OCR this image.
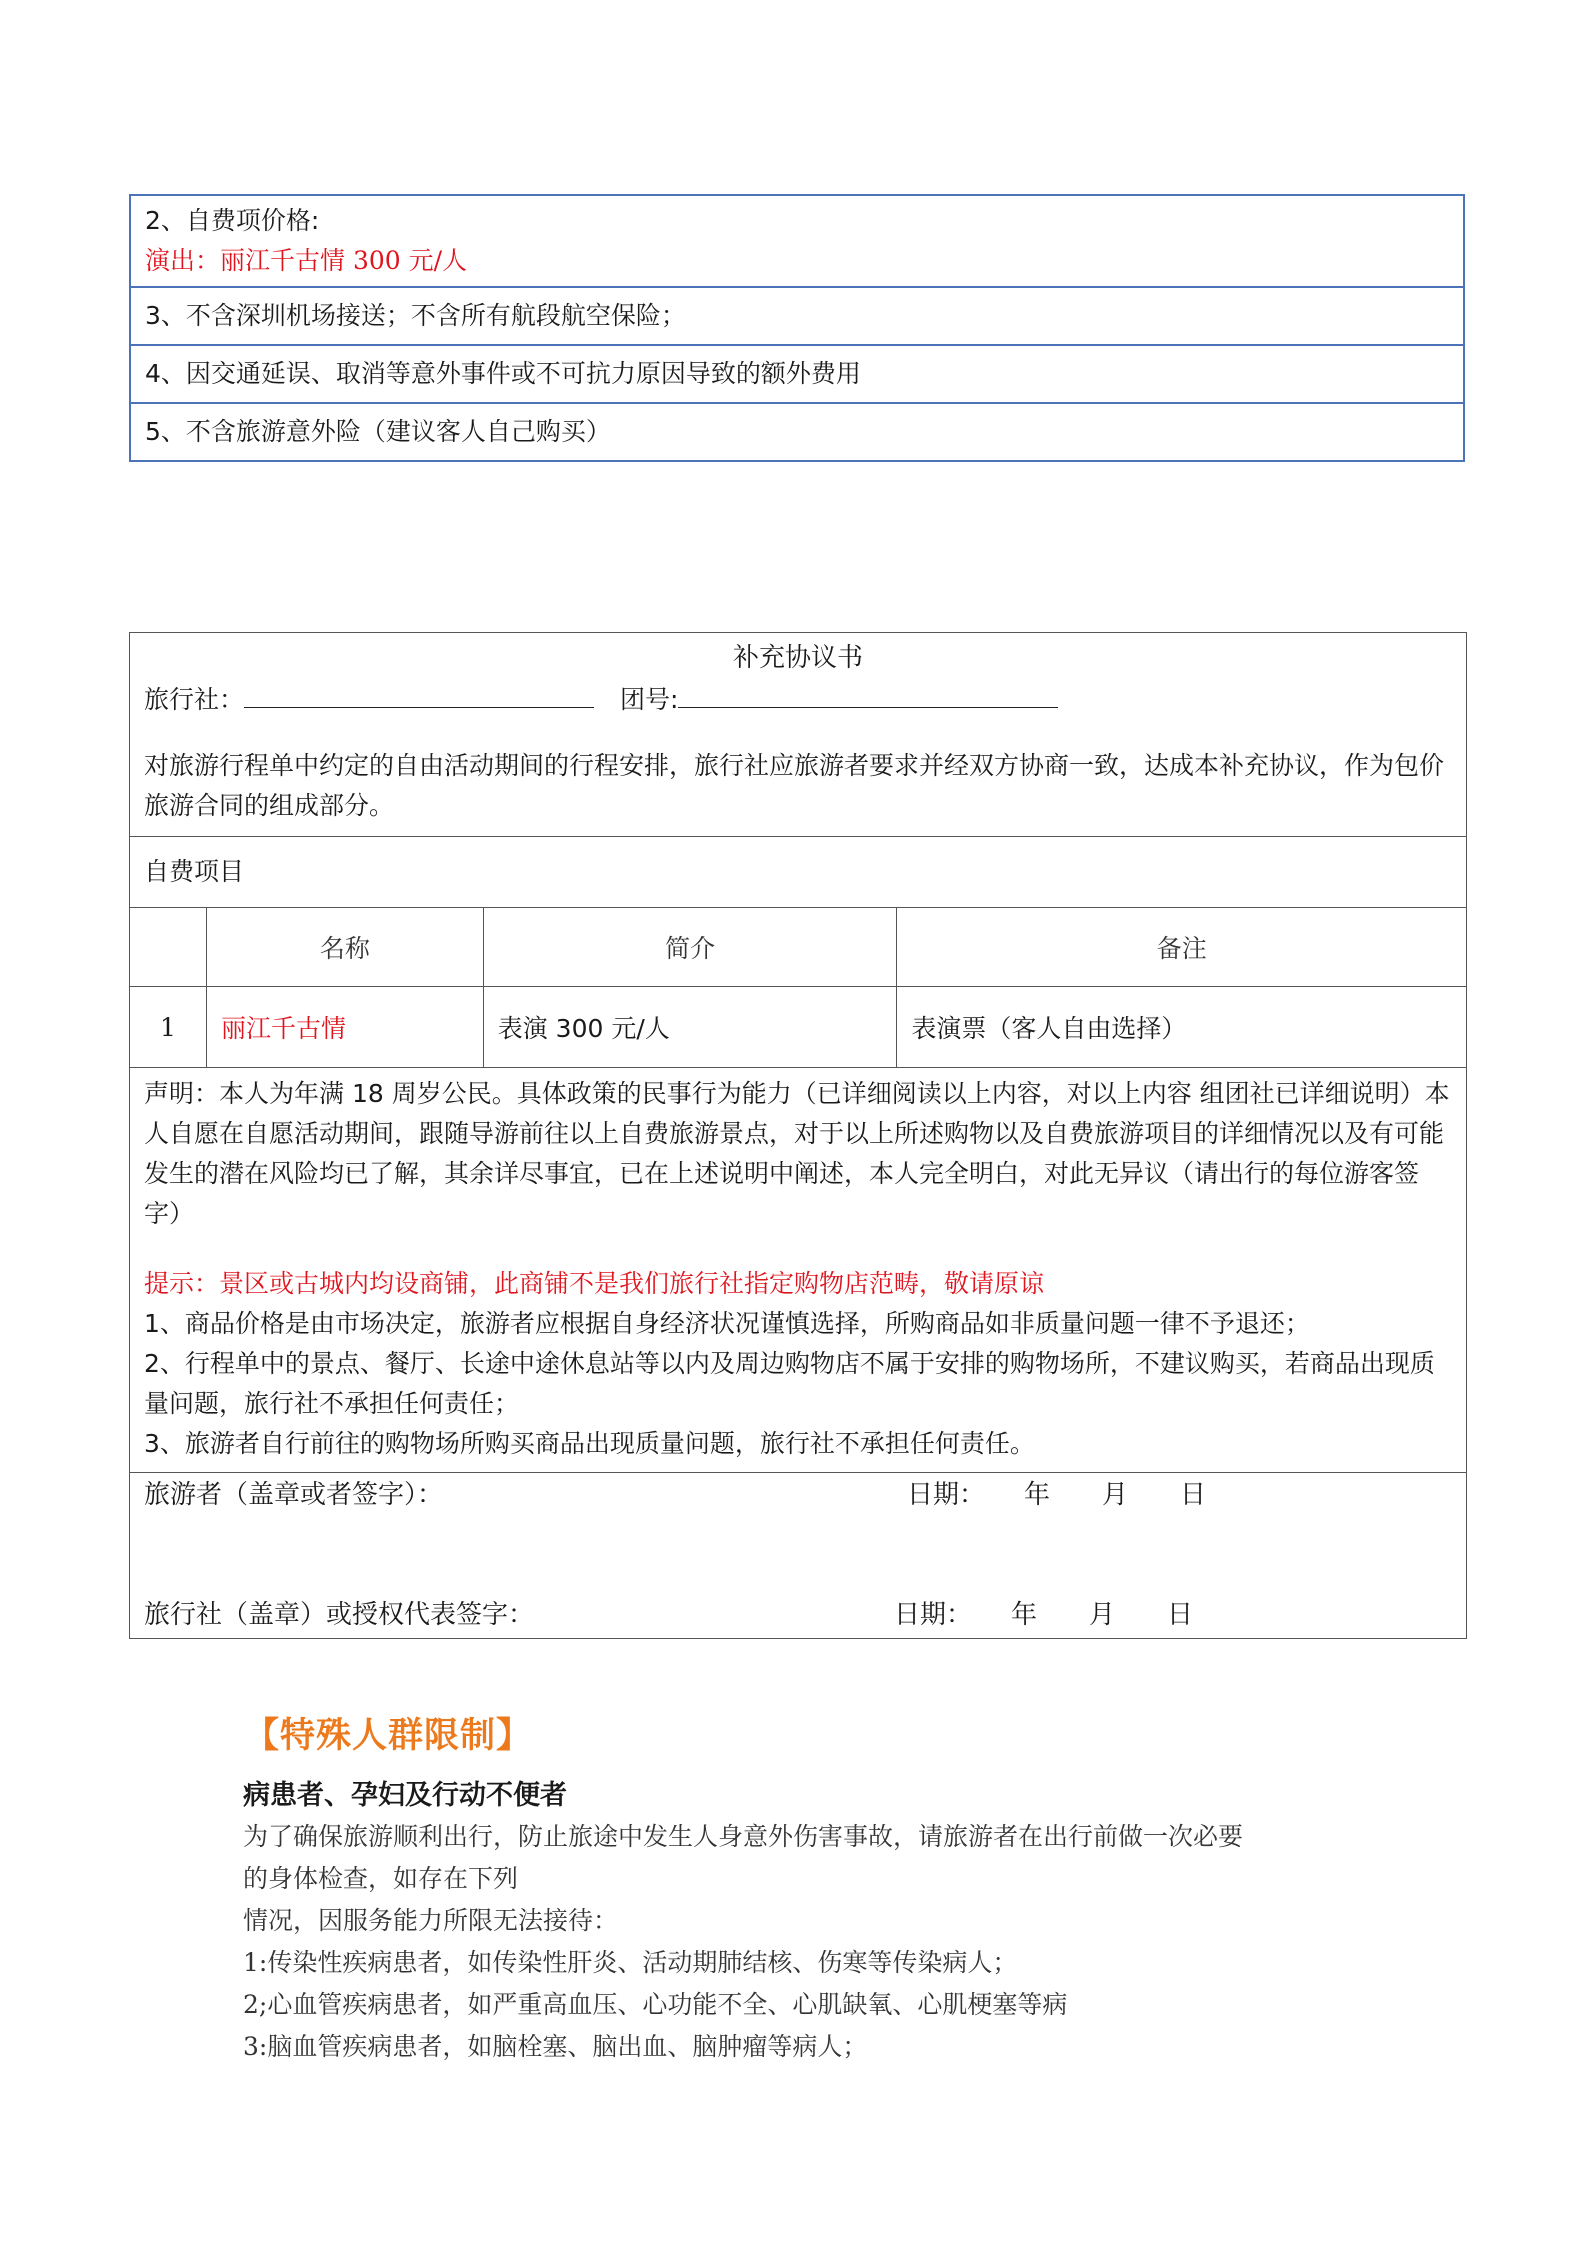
2、自费项价格:
演出：丽江千古情 300 元/人

3、不含深圳机场接送；不含所有航段航空保险；
4、因交通延误、取消等意外事件或不可抗力原因导致的额外费用
5、不含旅游意外险（建议客人自己购买）
补充协议书
旅行社： 团号:
对旅游行程单中约定的自由活动期间的行程安排，旅行社应旅游者要求并经双方协商一致，达成本补充协议，作为包价旅游合同的组成部分。			

自费项目			
	名称	简介	备注
1	丽江千古情	表演 300 元/人	表演票（客人自由选择）

声明：本人为年满 18 周岁公民。具体政策的民事行为能力（已详细阅读以上内容，对以上内容 组团社已详细说明）本人自愿在自愿活动期间，跟随导游前往以上自费旅游景点，对于以上所述购物以及自费旅游项目的详细情况以及有可能发生的潜在风险均已了解，其余详尽事宜，已在上述说明中阐述，本人完全明白，对此无异议（请出行的每位游客签字）
提示：景区或古城内均设商铺，此商铺不是我们旅行社指定购物店范畴，敬请原谅
1、商品价格是由市场决定，旅游者应根据自身经济状况谨慎选择，所购商品如非质量问题一律不予退还；
2、行程单中的景点、餐厅、长途中途休息站等以内及周边购物店不属于安排的购物场所，不建议购买，若商品出现质量问题，旅行社不承担任何责任；
3、旅游者自行前往的购物场所购买商品出现质量问题，旅行社不承担任何责任。			

旅游者（盖章或者签字）： 日期：　　年　　月　　日
旅行社（盖章）或授权代表签字： 日期：　　年　　月　　日			
【特殊人群限制】
病患者、孕妇及行动不便者
为了确保旅游顺利出行，防止旅途中发生人身意外伤害事故，请旅游者在出行前做一次必要
的身体检查，如存在下列
情况，因服务能力所限无法接待：
1:传染性疾病患者，如传染性肝炎、活动期肺结核、伤寒等传染病人；
2;心血管疾病患者，如严重高血压、心功能不全、心肌缺氧、心肌梗塞等病
3:脑血管疾病患者，如脑栓塞、脑出血、脑肿瘤等病人；
